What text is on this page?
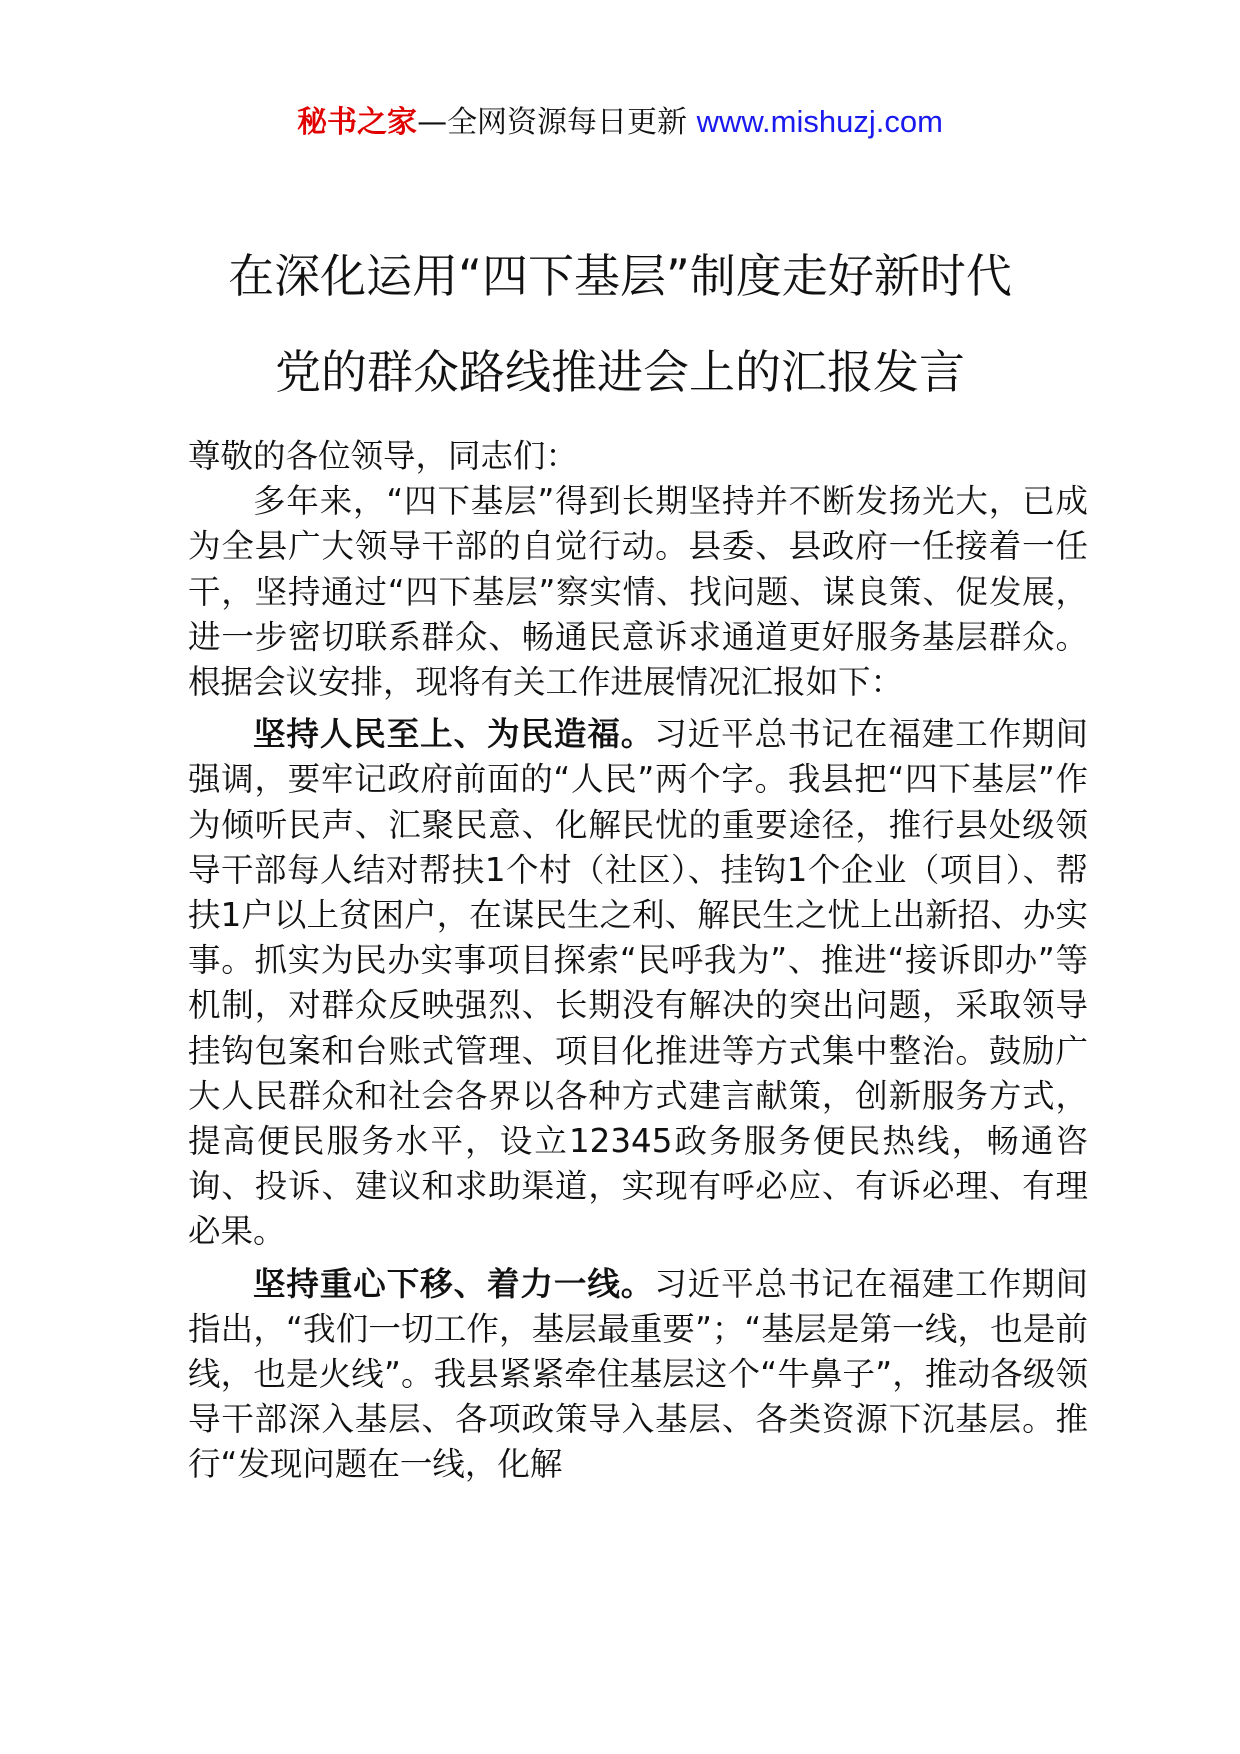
秘书之家—全网资源每日更新 www.mishuzj.com
在深化运用“四下基层”制度走好新时代
党的群众路线推进会上的汇报发言

尊敬的各位领导，同志们：

多年来，“四下基层”得到长期坚持并不断发扬光大，已成为全县广大领导干部的自觉行动。县委、县政府一任接着一任干，坚持通过“四下基层”察实情、找问题、谋良策、促发展，进一步密切联系群众、畅通民意诉求通道更好服务基层群众。根据会议安排，现将有关工作进展情况汇报如下：

坚持人民至上、为民造福。习近平总书记在福建工作期间强调，要牢记政府前面的“人民”两个字。我县把“四下基层”作为倾听民声、汇聚民意、化解民忧的重要途径，推行县处级领导干部每人结对帮扶1个村（社区）、挂钩1个企业（项目）、帮扶1户以上贫困户，在谋民生之利、解民生之忧上出新招、办实事。抓实为民办实事项目探索“民呼我为”、推进“接诉即办”等机制，对群众反映强烈、长期没有解决的突出问题，采取领导挂钩包案和台账式管理、项目化推进等方式集中整治。鼓励广大人民群众和社会各界以各种方式建言献策，创新服务方式，提高便民服务水平，设立12345政务服务便民热线，畅通咨询、投诉、建议和求助渠道，实现有呼必应、有诉必理、有理必果。

坚持重心下移、着力一线。习近平总书记在福建工作期间指出，“我们一切工作，基层最重要”；“基层是第一线，也是前线，也是火线”。我县紧紧牵住基层这个“牛鼻子”，推动各级领导干部深入基层、各项政策导入基层、各类资源下沉基层。推行“发现问题在一线，化解
